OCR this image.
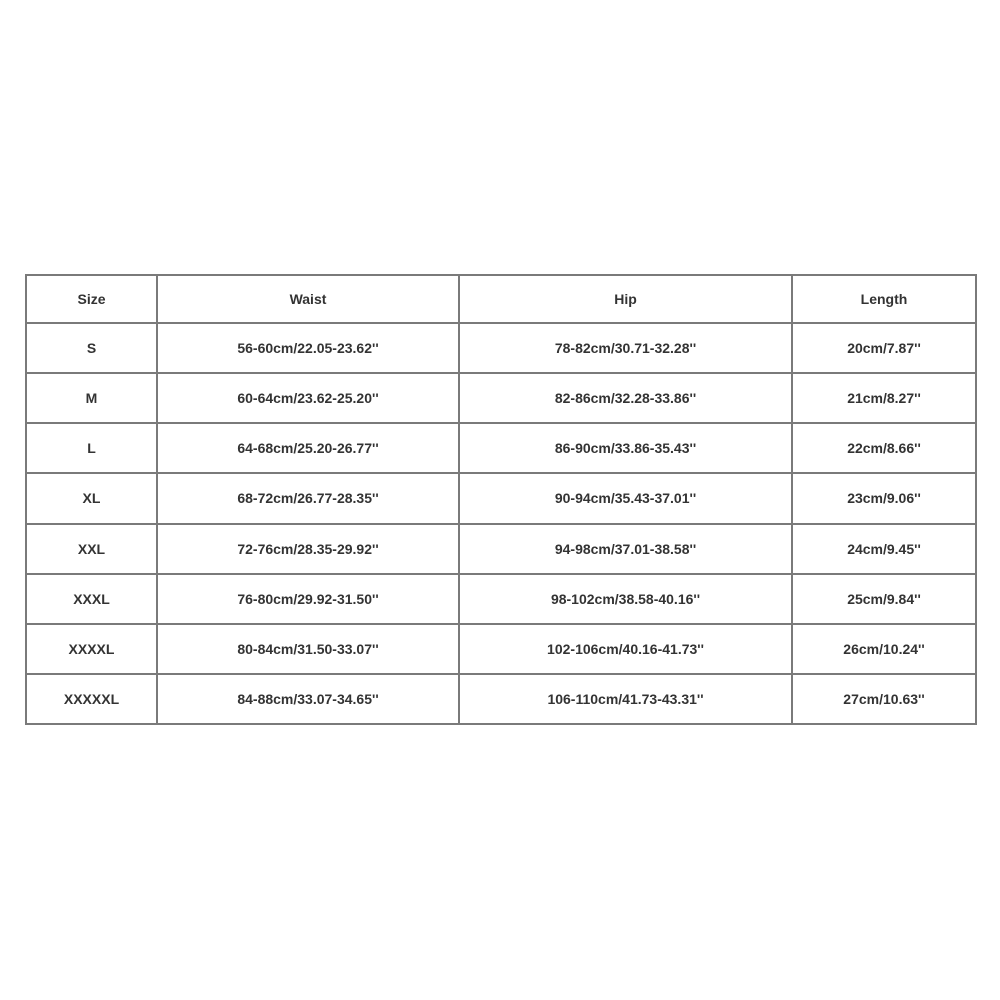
Size	Waist	Hip	Length
S	56-60cm/22.05-23.62''	78-82cm/30.71-32.28''	20cm/7.87''
M	60-64cm/23.62-25.20''	82-86cm/32.28-33.86''	21cm/8.27''
L	64-68cm/25.20-26.77''	86-90cm/33.86-35.43''	22cm/8.66''
XL	68-72cm/26.77-28.35''	90-94cm/35.43-37.01''	23cm/9.06''
XXL	72-76cm/28.35-29.92''	94-98cm/37.01-38.58''	24cm/9.45''
XXXL	76-80cm/29.92-31.50''	98-102cm/38.58-40.16''	25cm/9.84''
XXXXL	80-84cm/31.50-33.07''	102-106cm/40.16-41.73''	26cm/10.24''
XXXXXL	84-88cm/33.07-34.65''	106-110cm/41.73-43.31''	27cm/10.63''
